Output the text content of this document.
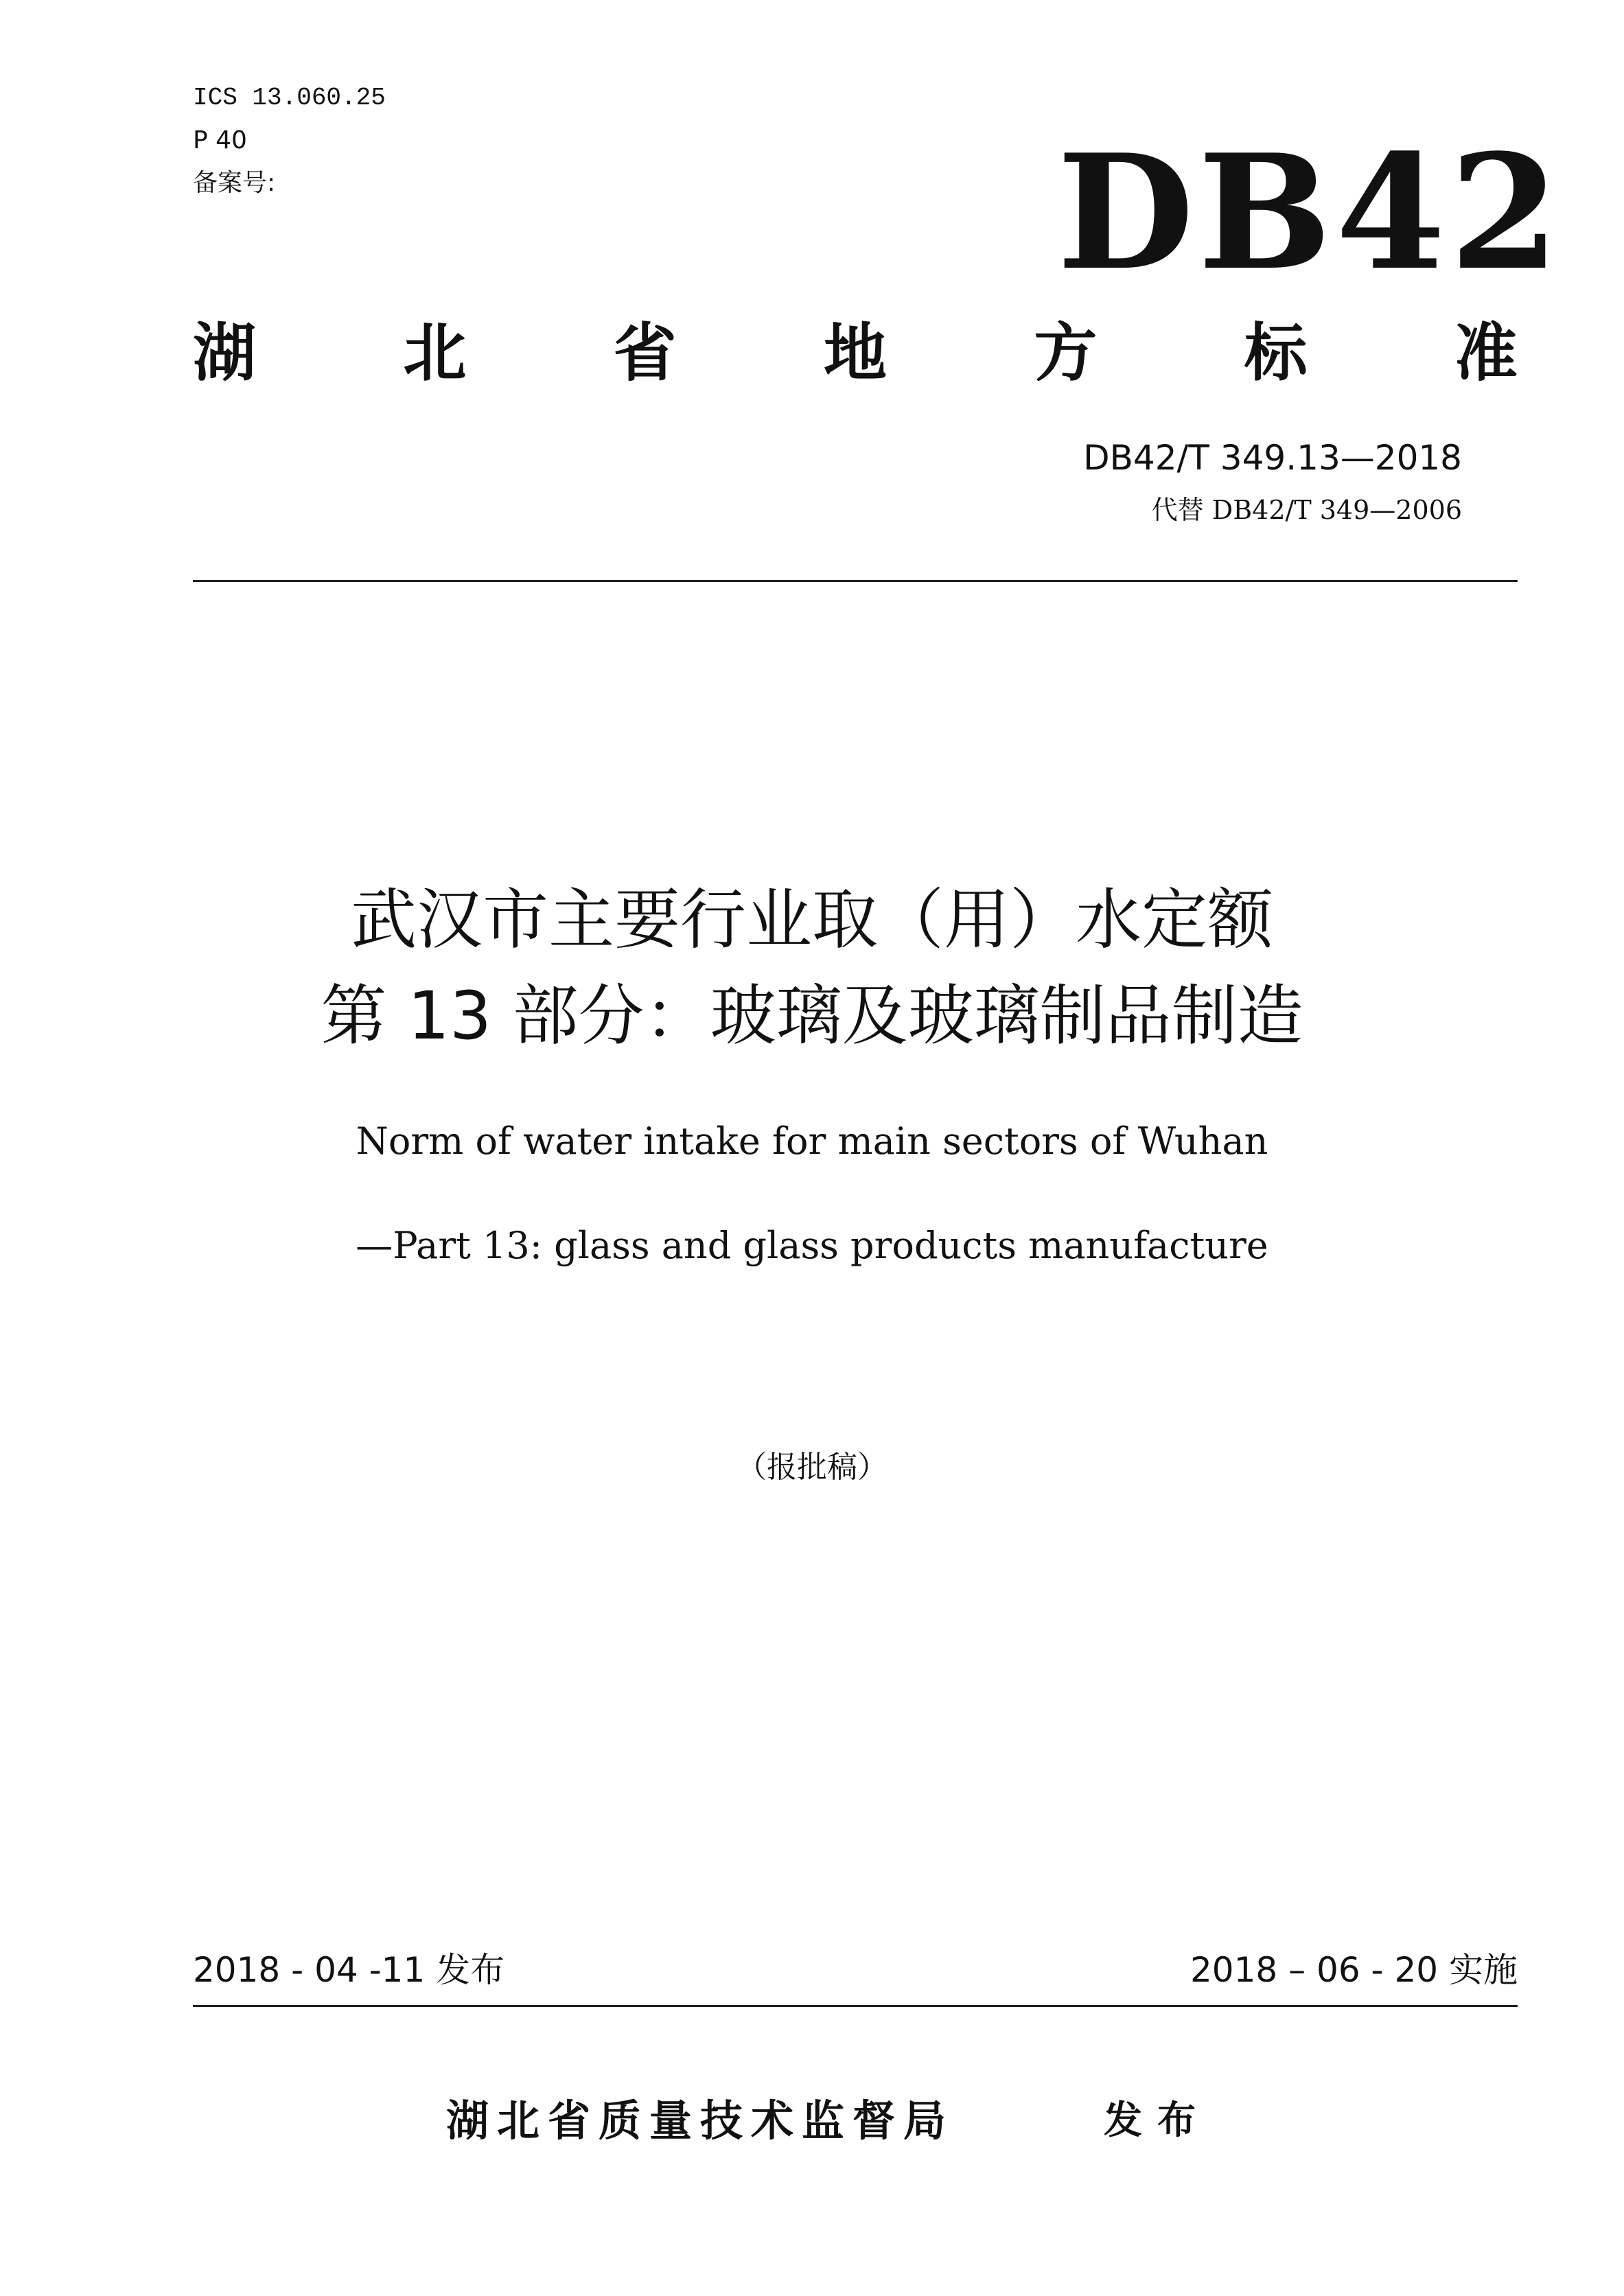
ICS 13.060.25
P 40
备案号:	DB42
湖 北 省 地 方 标 准
DB42/T 349.13—2018
代替 DB42/T 349—2006
武汉市主要行业取（用）水定额
第 13 部分：玻璃及玻璃制品制造
Norm of water intake for main sectors of Wuhan
—Part 13: glass and glass products manufacture
（报批稿）
2018 - 04 -11 发布	2018 – 06 - 20 实施
湖北省质量技术监督局	发布
